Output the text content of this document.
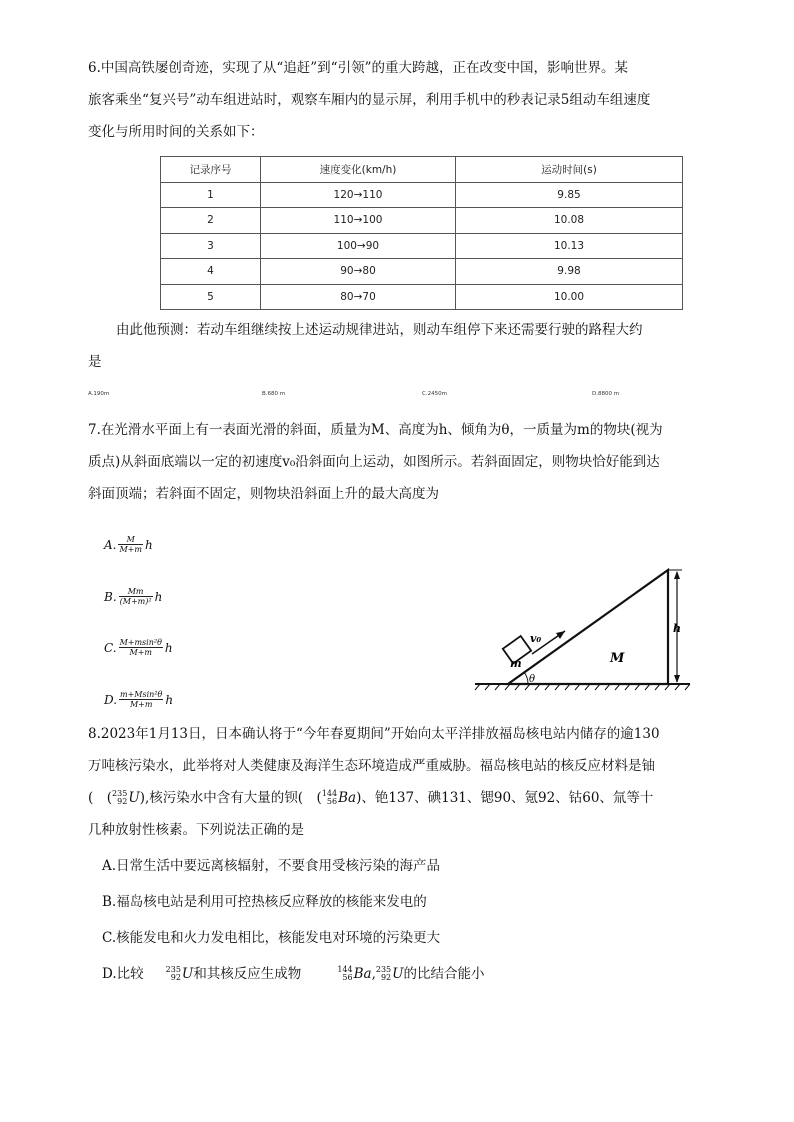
6.中国高铁屡创奇迹，实现了从“追赶”到“引领”的重大跨越，正在改变中国，影响世界。某
旅客乘坐“复兴号”动车组进站时，观察车厢内的显示屏，利用手机中的秒表记录5组动车组速度
变化与所用时间的关系如下：
记录序号	速度变化(km/h)	运动时间(s)
1	120→110	9.85
2	110→100	10.08
3	100→90	10.13
4	90→80	9.98
5	80→70	10.00
由此他预测：若动车组继续按上述运动规律进站，则动车组停下来还需要行驶的路程大约
是
A.190m	B.680 m	C.2450m	D.8800 m
7.在光滑水平面上有一表面光滑的斜面，质量为M、高度为h、倾角为θ，一质量为m的物块(视为
质点)从斜面底端以一定的初速度v₀沿斜面向上运动，如图所示。若斜面固定，则物块恰好能到达
斜面顶端；若斜面不固定，则物块沿斜面上升的最大高度为
A. $\frac{M}{M+m}$ h
B. $\frac{Mm}{\text{(M+m)²}}$ h
C. $\frac{\text{M+msin²θ}}{M+m}$ h
D. $\frac{\text{m+Msin²θ}}{M+m}$ h
m
v₀
θ
M
h
8.2023年1月13日，日本确认将于“今年春夏期间”开始向太平洋排放福岛核电站内储存的逾130
万吨核污染水，此举将对人类健康及海洋生态环境造成严重威胁。福岛核电站的核反应材料是铀
(　( 235
92 U ),核污染水中含有大量的钡(　( 144
56 Ba )、铯137、碘131、锶90、氪92、钴60、氚等十
几种放射性核素。下列说法正确的是
A.日常生活中要远离核辐射，不要食用受核污染的海产品
B.福岛核电站是利用可控热核反应释放的核能来发电的
C.核能发电和火力发电相比，核能发电对环境的污染更大
D.比较	235
92 U 和其核反应生成物	144
56 Ba , 235
92 U 的比结合能小
